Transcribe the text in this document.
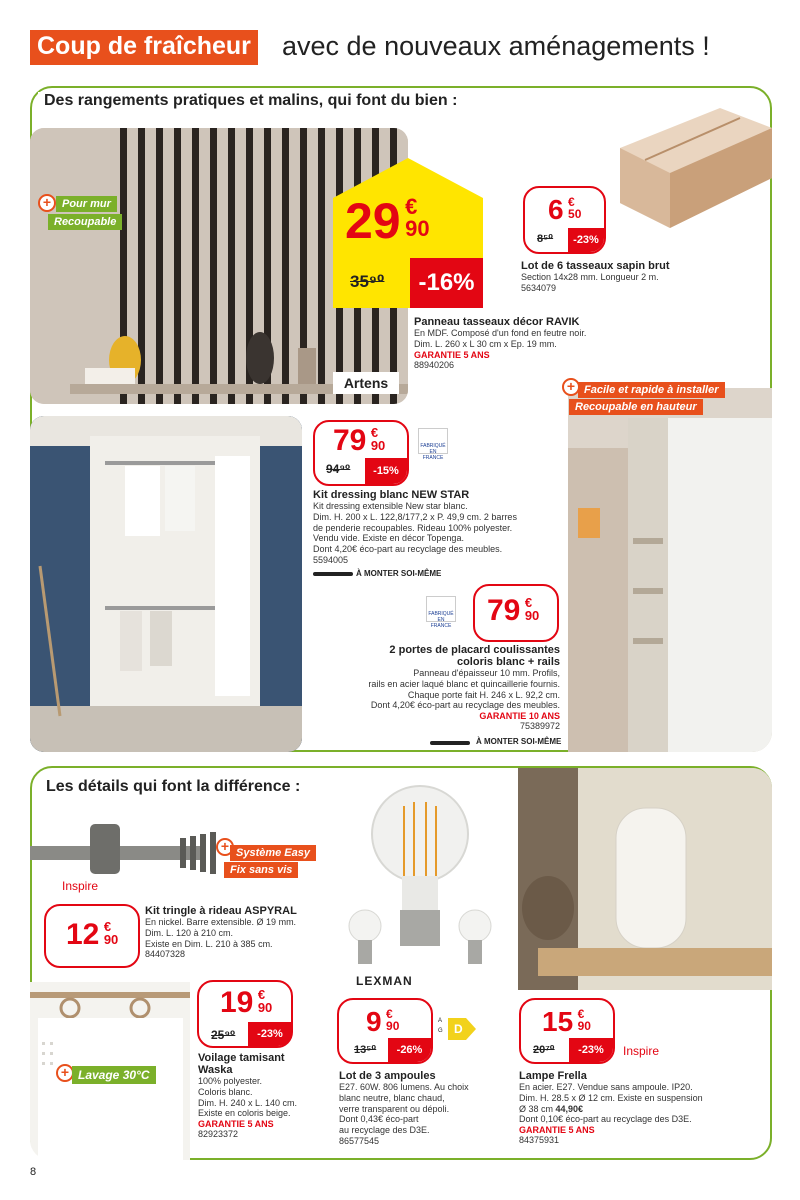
Coup de fraîcheur avec de nouveaux aménagements !
Des rangements pratiques et malins, qui font du bien :
+ Pour mur
Recoupable	29 €
90
35⁹⁰	-16%
Artens
Panneau tasseaux décor RAVIK
En MDF. Composé d'un fond en feutre noir.
Dim. L. 260 x L 30 cm x Ep. 19 mm.
GARANTIE 5 ANS
88940206
6 €
50
8⁵⁰	-23%
Lot de 6 tasseaux sapin brut
Section 14x28 mm. Longueur 2 m.
5634079
79 €
90
94⁹⁰	-15%
FABRIQUÉ EN FRANCE
Kit dressing blanc NEW STAR
Kit dressing extensible New star blanc.
Dim. H. 200 x L. 122,8/177,2 x P. 49,9 cm. 2 barres
de penderie recoupables. Rideau 100% polyester.
Vendu vide. Existe en décor Topenga.
Dont 4,20€ éco-part au recyclage des meubles.
5594005
À MONTER SOI-MÊME
+ Facile et rapide à installer
Recoupable en hauteur
79 €
90
FABRIQUÉ EN FRANCE
2 portes de placard coulissantes
coloris blanc + rails
Panneau d'épaisseur 10 mm. Profils,
rails en acier laqué blanc et quincaillerie fournis.
Chaque porte fait H. 246 x L. 92,2 cm.
Dont 4,20€ éco-part au recyclage des meubles.
GARANTIE 10 ANS
75389972
À MONTER SOI-MÊME
Les détails qui font la différence :
+ Système Easy
Fix sans vis
Inspire
12 €
90
Kit tringle à rideau ASPYRAL
En nickel. Barre extensible. Ø 19 mm.
Dim. L. 120 à 210 cm.
Existe en Dim. L. 210 à 385 cm.
84407328
+ Lavage 30°C
19 €
90
25⁹⁰	-23%
Voilage tamisant
Waska
100% polyester.
Coloris blanc.
Dim. H. 240 x L. 140 cm.
Existe en coloris beige.
GARANTIE 5 ANS
82923372
LEXMAN
9 €
90
13⁵⁰	-26%
A G D
Lot de 3 ampoules
E27. 60W. 806 lumens. Au choix
blanc neutre, blanc chaud,
verre transparent ou dépoli.
Dont 0,43€ éco-part
au recyclage des D3E.
86577545
15 €
90
20⁷⁰	-23%	Inspire
Lampe Frella
En acier. E27. Vendue sans ampoule. IP20.
Dim. H. 28.5 x Ø 12 cm. Existe en suspension
Ø 38 cm 44,90€
Dont 0,10€ éco-part au recyclage des D3E.
GARANTIE 5 ANS
84375931
8
